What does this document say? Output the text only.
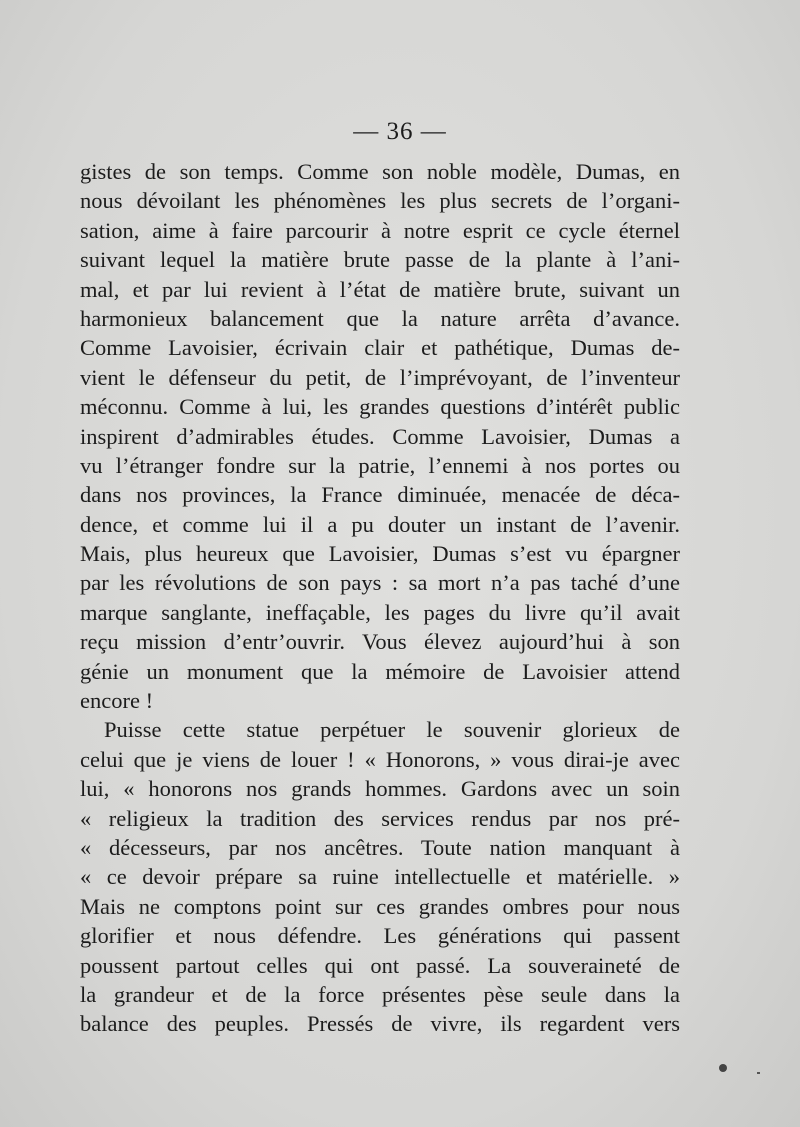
— 36 —
gistes de son temps. Comme son noble modèle, Dumas, en
nous dévoilant les phénomènes les plus secrets de l’organi-
sation, aime à faire parcourir à notre esprit ce cycle éternel
suivant lequel la matière brute passe de la plante à l’ani-
mal, et par lui revient à l’état de matière brute, suivant un
harmonieux balancement que la nature arrêta d’avance.
Comme Lavoisier, écrivain clair et pathétique, Dumas de-
vient le défenseur du petit, de l’imprévoyant, de l’inventeur
méconnu. Comme à lui, les grandes questions d’intérêt public
inspirent d’admirables études. Comme Lavoisier, Dumas a
vu l’étranger fondre sur la patrie, l’ennemi à nos portes ou
dans nos provinces, la France diminuée, menacée de déca-
dence, et comme lui il a pu douter un instant de l’avenir.
Mais, plus heureux que Lavoisier, Dumas s’est vu épargner
par les révolutions de son pays : sa mort n’a pas taché d’une
marque sanglante, ineffaçable, les pages du livre qu’il avait
reçu mission d’entr’ouvrir. Vous élevez aujourd’hui à son
génie un monument que la mémoire de Lavoisier attend
encore !
Puisse cette statue perpétuer le souvenir glorieux de
celui que je viens de louer ! « Honorons, » vous dirai-je avec
lui, « honorons nos grands hommes. Gardons avec un soin
« religieux la tradition des services rendus par nos pré-
« décesseurs, par nos ancêtres. Toute nation manquant à
« ce devoir prépare sa ruine intellectuelle et matérielle. »
Mais ne comptons point sur ces grandes ombres pour nous
glorifier et nous défendre. Les générations qui passent
poussent partout celles qui ont passé. La souveraineté de
la grandeur et de la force présentes pèse seule dans la
balance des peuples. Pressés de vivre, ils regardent vers
